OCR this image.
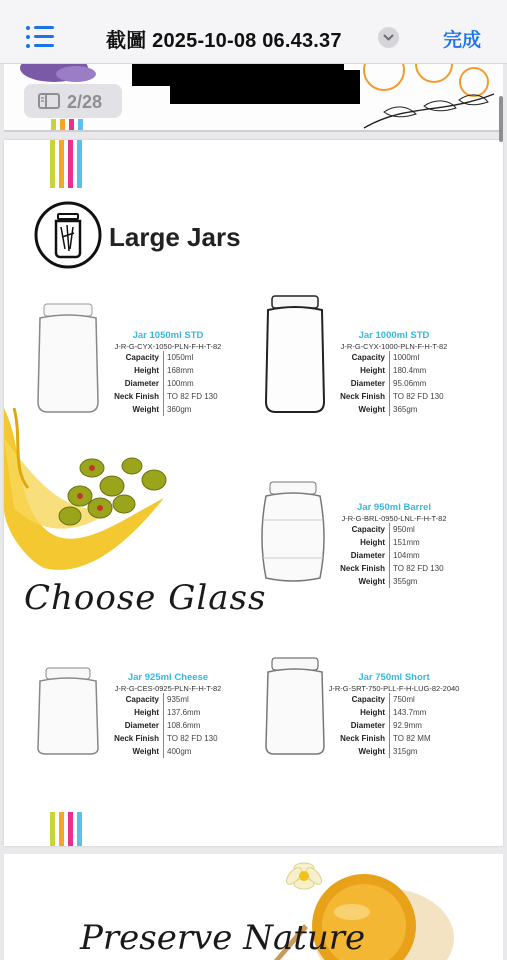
截圖 2025-10-08 06.43.37	完成
2/28
Large Jars
Choose Glass
Jar 1050ml STD
J-R-G-CYX-1050-PLN-F-H-T-82
Capacity	1050ml
Height	168mm
Diameter	100mm
Neck Finish	TO 82 FD 130
Weight	360gm
Jar 1000ml STD
J-R-G-CYX-1000-PLN-F-H-T-82
Capacity	1000ml
Height	180.4mm
Diameter	95.06mm
Neck Finish	TO 82 FD 130
Weight	365gm
Jar 950ml Barrel
J-R-G-BRL-0950-LNL-F-H-T-82
Capacity	950ml
Height	151mm
Diameter	104mm
Neck Finish	TO 82 FD 130
Weight	355gm
Jar 925ml Cheese
J-R-G-CES-0925-PLN-F-H-T-82
Capacity	935ml
Height	137.6mm
Diameter	108.6mm
Neck Finish	TO 82 FD 130
Weight	400gm
Jar 750ml Short
J-R-G-SRT-750-PLL-F-H-LUG-82-2040
Capacity	750ml
Height	143.7mm
Diameter	92.9mm
Neck Finish	TO 82 MM
Weight	315gm
Preserve Nature
